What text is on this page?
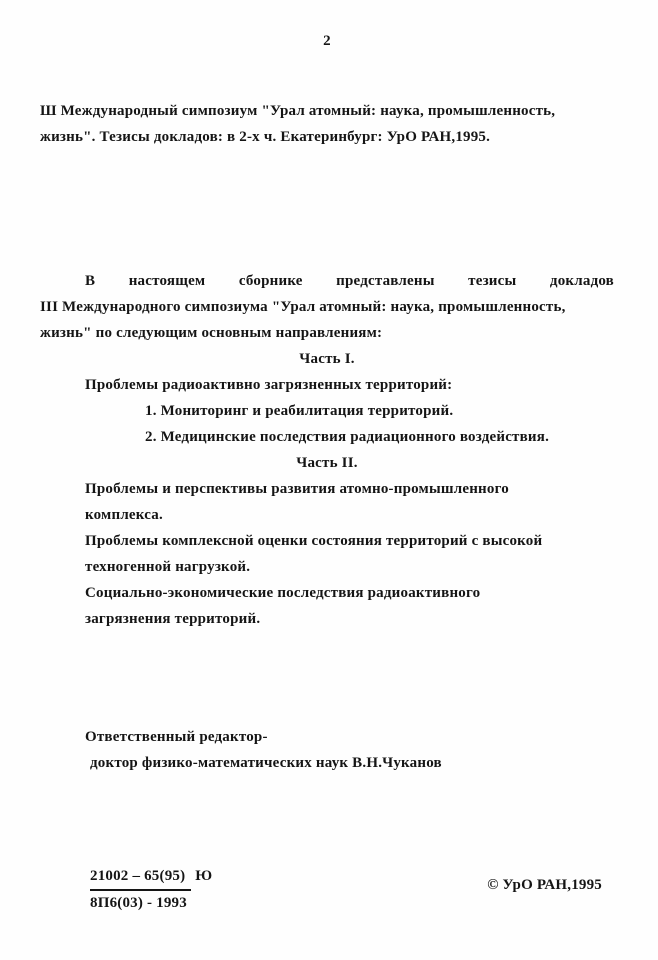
2
Ш Международный симпозиум "Урал атомный: наука, промышленность,
жизнь". Тезисы докладов: в 2-х ч. Екатеринбург: УрО РАН,1995.
В настоящем сборнике представлены тезисы докладов
III Международного симпозиума "Урал атомный: наука, промышленность,
жизнь" по следующим основным направлениям:
Часть I.
Проблемы радиоактивно загрязненных территорий:
1. Мониторинг и реабилитация территорий.
2. Медицинские последствия радиационного воздействия.
Часть II.
Проблемы и перспективы развития атомно-промышленного
комплекса.
Проблемы комплексной оценки состояния территорий с высокой
техногенной нагрузкой.
Социально-экономические последствия радиоактивного
загрязнения территорий.
Ответственный редактор-
доктор физико-математических наук В.Н.Чуканов
21002 – 65(95) Ю
8П6(03) - 1993
© УрО РАН,1995
